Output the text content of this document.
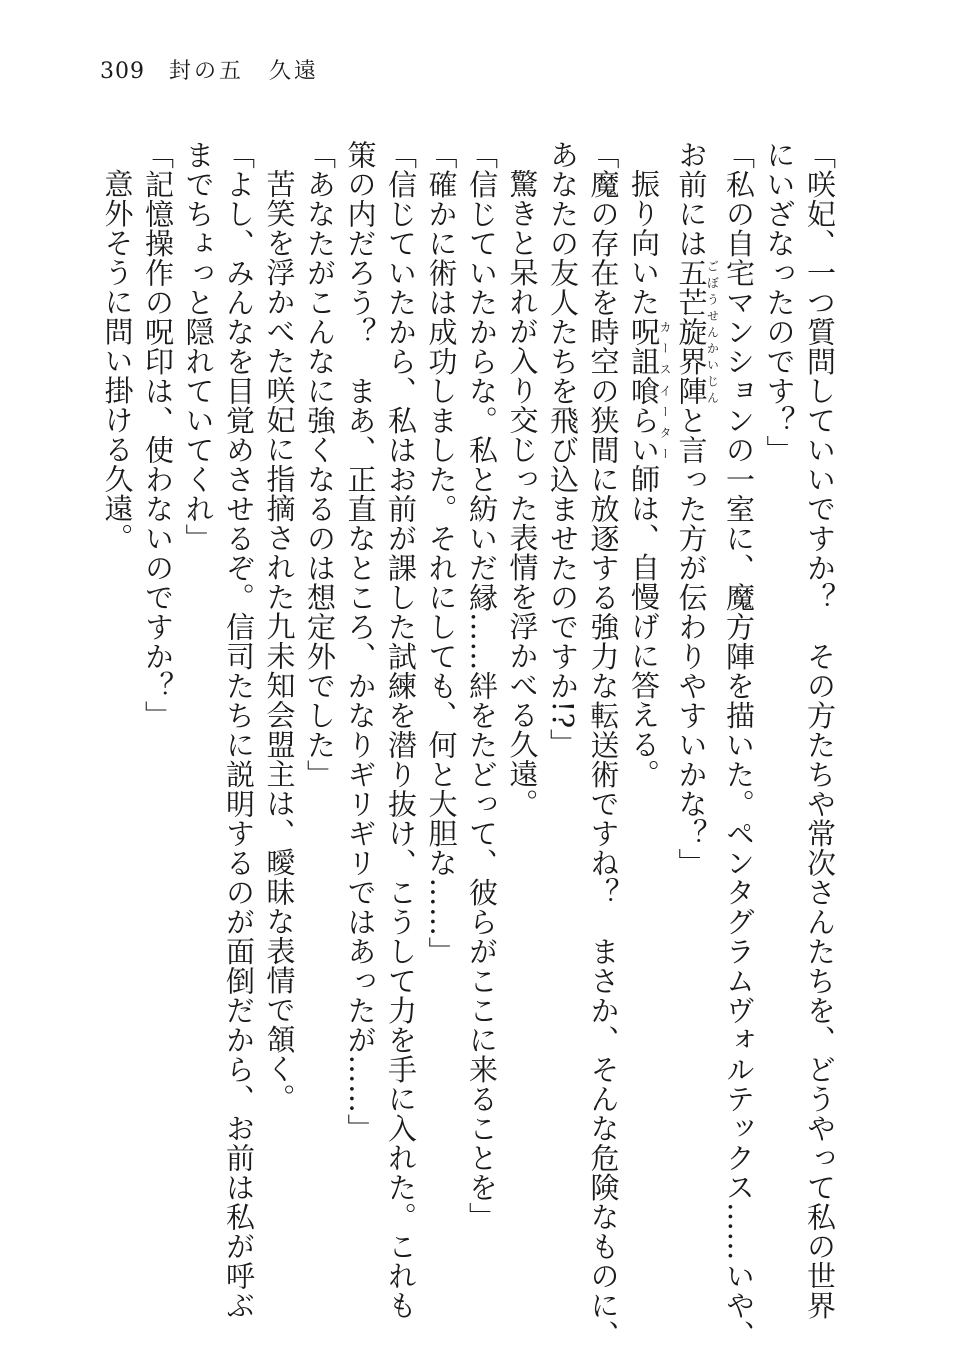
309 封の五　久遠
「咲妃、一つ質問していいですか？　その方たちや常次さんたちを、どうやって私の世界
にいざなったのです？」
「私の自宅マンションの一室に、魔方陣を描いた。ペンタグラムヴォルテックス……いや、
お前には五芒旋界陣ごぼうせんかいじんと言った方が伝わりやすいかな？」
振り向いた呪詛喰らいカースイーター師は、自慢げに答える。
「魔の存在を時空の狭間に放逐する強力な転送術ですね？　まさか、そんな危険なものに、
あなたの友人たちを飛び込ませたのですか!?」
驚きと呆れが入り交じった表情を浮かべる久遠。
「信じていたからな。私と紡いだ縁……絆をたどって、彼らがここに来ることを」
「確かに術は成功しました。それにしても、何と大胆な……」
「信じていたから、私はお前が課した試練を潜り抜け、こうして力を手に入れた。これも
策の内だろう？　まあ、正直なところ、かなりギリギリではあったが……」
「あなたがこんなに強くなるのは想定外でした」
苦笑を浮かべた咲妃に指摘された九未知会盟主は、曖昧な表情で頷く。
「よし、みんなを目覚めさせるぞ。信司たちに説明するのが面倒だから、お前は私が呼ぶ
までちょっと隠れていてくれ」
「記憶操作の呪印は、使わないのですか？」
意外そうに問い掛ける久遠。
